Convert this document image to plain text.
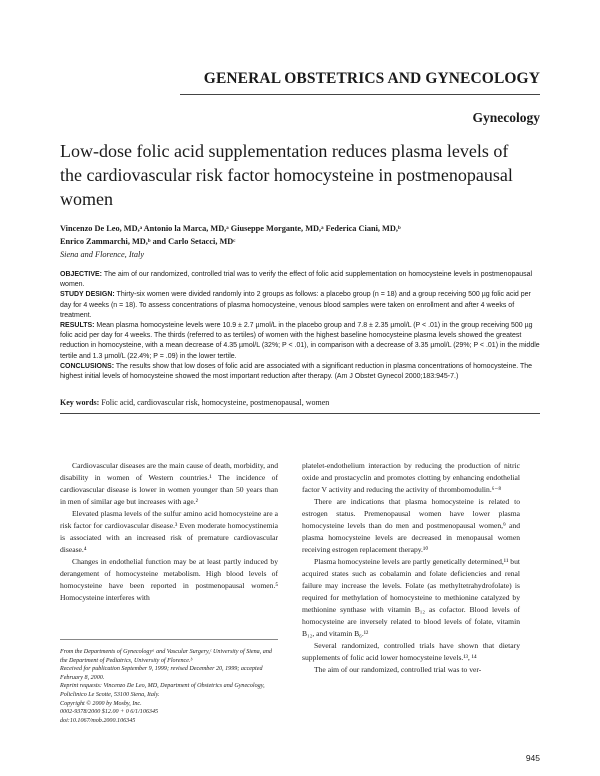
GENERAL OBSTETRICS AND GYNECOLOGY
Gynecology
Low-dose folic acid supplementation reduces plasma levels of the cardiovascular risk factor homocysteine in postmenopausal women
Vincenzo De Leo, MD,ᵃ Antonio la Marca, MD,ᵃ Giuseppe Morgante, MD,ᵃ Federica Ciani, MD,ᵇ
Enrico Zammarchi, MD,ᵇ and Carlo Setacci, MDᶜ
Siena and Florence, Italy

OBJECTIVE: The aim of our randomized, controlled trial was to verify the effect of folic acid supplementation on homocysteine levels in postmenopausal women.

STUDY DESIGN: Thirty-six women were divided randomly into 2 groups as follows: a placebo group (n = 18) and a group receiving 500 µg folic acid per day for 4 weeks (n = 18). To assess concentrations of plasma homocysteine, venous blood samples were taken on enrollment and after 4 weeks of treatment.

RESULTS: Mean plasma homocysteine levels were 10.9 ± 2.7 µmol/L in the placebo group and 7.8 ± 2.35 µmol/L (P < .01) in the group receiving 500 µg folic acid per day for 4 weeks. The thirds (referred to as tertiles) of women with the highest baseline homocysteine plasma levels showed the greatest reduction in homocysteine, with a mean decrease of 4.35 µmol/L (32%; P < .01), in comparison with a decrease of 3.35 µmol/L (29%; P < .01) in the middle tertile and 1.3 µmol/L (22.4%; P = .09) in the lower tertile.

CONCLUSIONS: The results show that low doses of folic acid are associated with a significant reduction in plasma concentrations of homocysteine. The highest initial levels of homocysteine showed the most important reduction after therapy. (Am J Obstet Gynecol 2000;183:945-7.)

Key words: Folic acid, cardiovascular risk, homocysteine, postmenopausal, women

Cardiovascular diseases are the main cause of death, morbidity, and disability in women of Western countries.¹ The incidence of cardiovascular disease is lower in women younger than 50 years than in men of similar age but increases with age.²

Elevated plasma levels of the sulfur amino acid homocysteine are a risk factor for cardiovascular disease.³ Even moderate homocystinemia is associated with an increased risk of premature cardiovascular disease.⁴

Changes in endothelial function may be at least partly induced by derangement of homocysteine metabolism. High blood levels of homocysteine have been reported in postmenopausal women.⁵ Homocysteine interferes with

platelet-endothelium interaction by reducing the production of nitric oxide and prostacyclin and promotes clotting by enhancing endothelial factor V activity and reducing the activity of thrombomodulin.⁶⁻⁸

There are indications that plasma homocysteine is related to estrogen status. Premenopausal women have lower plasma homocysteine levels than do men and postmenopausal women,⁹ and plasma homocysteine levels are decreased in menopausal women receiving estrogen replacement therapy.¹⁰

Plasma homocysteine levels are partly genetically determined,¹¹ but acquired states such as cobalamin and folate deficiencies and renal failure may increase the levels. Folate (as methyltetrahydrofolate) is required for methylation of homocysteine to methionine catalyzed by methionine synthase with vitamin B₁₂ as cofactor. Blood levels of homocysteine are inversely related to blood levels of folate, vitamin B₁₂, and vitamin B₆.¹²

Several randomized, controlled trials have shown that dietary supplements of folic acid lower homocysteine levels.¹³, ¹⁴

The aim of our randomized, controlled trial was to ver-

From the Departments of Gynecologyᵃ and Vascular Surgery,ᶜ University of Siena, and the Department of Pediatrics, University of Florence.ᵇ
Received for publication September 9, 1999; revised December 20, 1999; accepted February 8, 2000.
Reprint requests: Vincenzo De Leo, MD, Department of Obstetrics and Gynecology, Policlinico Le Scotte, 53100 Siena, Italy.
Copyright © 2000 by Mosby, Inc.
0002-9378/2000 $12.00 + 0 6/1/106345
doi:10.1067/mob.2000.106345
945
